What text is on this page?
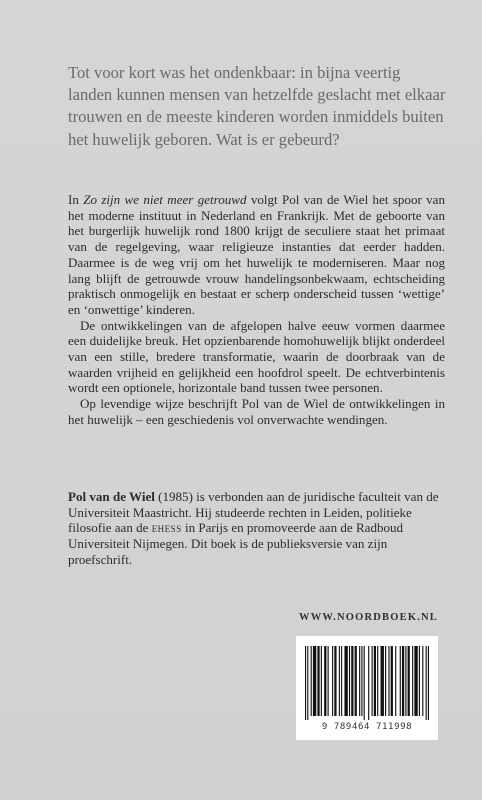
Tot voor kort was het ondenkbaar: in bijna veertig landen kunnen mensen van hetzelfde geslacht met elkaar trouwen en de meeste kinderen worden inmiddels buiten het huwelijk geboren. Wat is er gebeurd?

In Zo zijn we niet meer getrouwd volgt Pol van de Wiel het spoor van het moderne instituut in Nederland en Frankrijk. Met de geboorte van het burgerlijk huwelijk rond 1800 krijgt de seculiere staat het primaat van de regelgeving, waar religieuze instanties dat eerder hadden. Daarmee is de weg vrij om het huwelijk te moderniseren. Maar nog lang blijft de getrouwde vrouw handelingsonbekwaam, echtscheiding praktisch onmogelijk en bestaat er scherp onderscheid tussen ‘wettige’ en ‘onwettige’ kinderen.

De ontwikkelingen van de afgelopen halve eeuw vormen daarmee een duidelijke breuk. Het opzienbarende homohuwelijk blijkt onderdeel van een stille, bredere transformatie, waarin de doorbraak van de waarden vrijheid en gelijkheid een hoofdrol speelt. De echtverbintenis wordt een optionele, horizontale band tussen twee personen.

Op levendige wijze beschrijft Pol van de Wiel de ontwikkelingen in het huwelijk – een geschiedenis vol onverwachte wendingen.

Pol van de Wiel (1985) is verbonden aan de juridische faculteit van de Universiteit Maastricht. Hij studeerde rechten in Leiden, politieke filosofie aan de ehess in Parijs en promoveerde aan de Radboud Universiteit Nijmegen. Dit boek is de publieksversie van zijn proefschrift.

WWW.NOORDBOEK.NL
9 789464 711998
